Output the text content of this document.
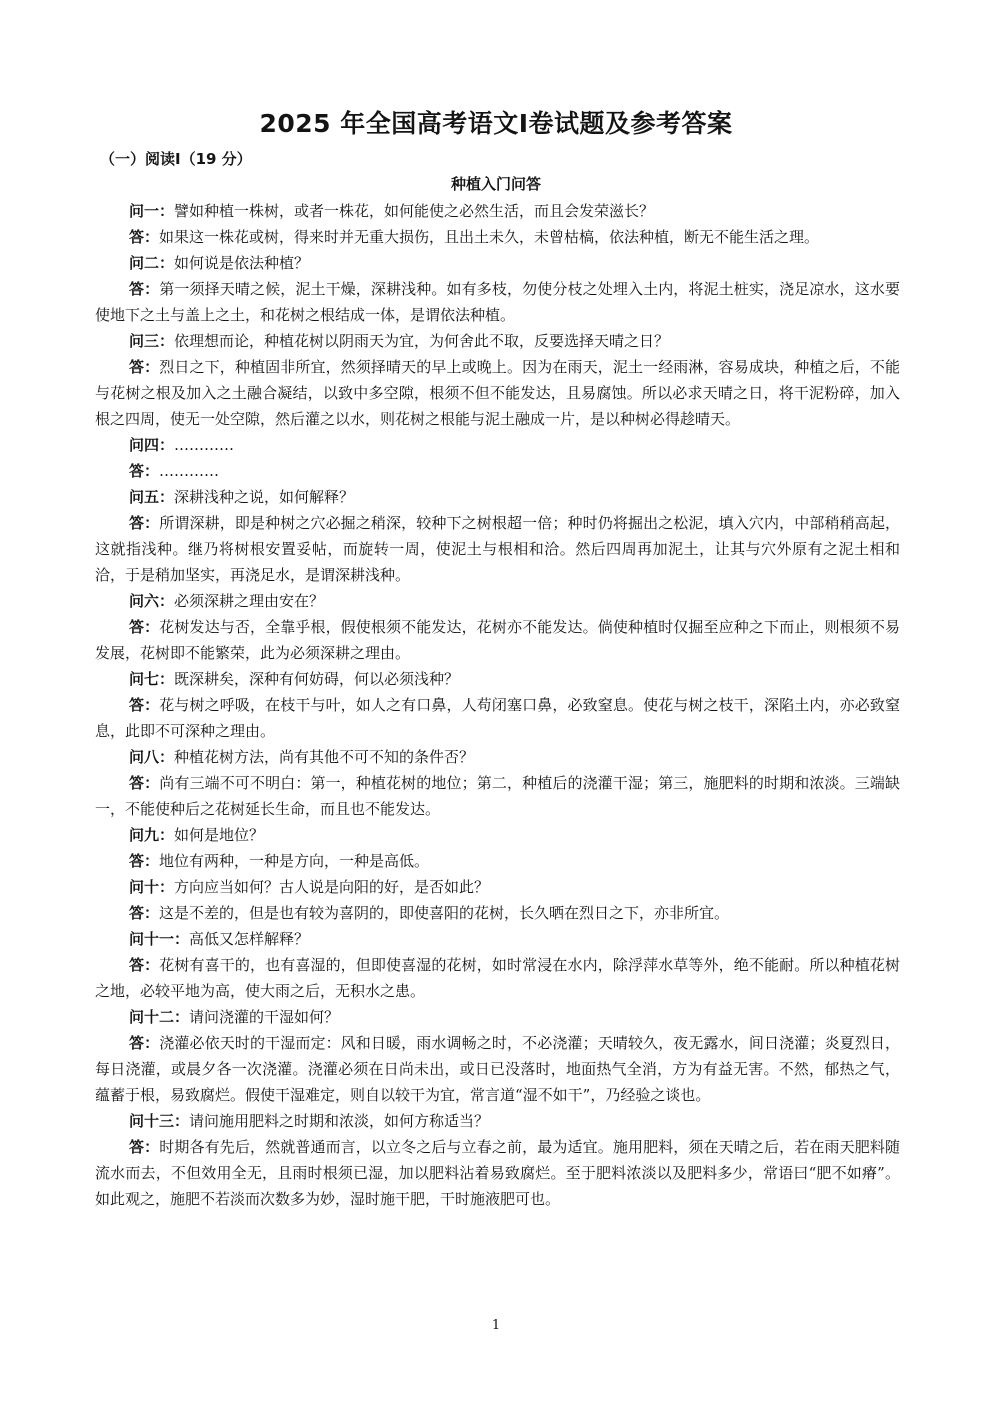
2025 年全国高考语文I卷试题及参考答案
（一）阅读I（19 分）
种植入门问答

问一：譬如种植一株树，或者一株花，如何能使之必然生活，而且会发荣滋长？

答：如果这一株花或树，得来时并无重大损伤，且出土未久，未曾枯槁，依法种植，断无不能生活之理。

问二：如何说是依法种植？

答：第一须择天晴之候，泥土干燥，深耕浅种。如有多枝，勿使分枝之处埋入土内，将泥土桩实，浇足凉水，这水要使地下之土与盖上之土，和花树之根结成一体，是谓依法种植。

问三：依理想而论，种植花树以阴雨天为宜，为何舍此不取，反要选择天晴之日？

答：烈日之下，种植固非所宜，然须择晴天的早上或晚上。因为在雨天，泥土一经雨淋，容易成块，种植之后，不能与花树之根及加入之土融合凝结，以致中多空隙，根须不但不能发达，且易腐蚀。所以必求天晴之日，将干泥粉碎，加入根之四周，使无一处空隙，然后灌之以水，则花树之根能与泥土融成一片，是以种树必得趁晴天。

问四：…………

答：…………

问五：深耕浅种之说，如何解释？

答：所谓深耕，即是种树之穴必掘之稍深，较种下之树根超一倍；种时仍将掘出之松泥，填入穴内，中部稍稍高起，这就指浅种。继乃将树根安置妥帖，而旋转一周，使泥土与根相和洽。然后四周再加泥土，让其与穴外原有之泥土相和洽，于是稍加坚实，再浇足水，是谓深耕浅种。

问六：必须深耕之理由安在？

答：花树发达与否，全靠乎根，假使根须不能发达，花树亦不能发达。倘使种植时仅掘至应种之下而止，则根须不易发展，花树即不能繁荣，此为必须深耕之理由。

问七：既深耕矣，深种有何妨碍，何以必须浅种？

答：花与树之呼吸，在枝干与叶，如人之有口鼻，人苟闭塞口鼻，必致窒息。使花与树之枝干，深陷土内，亦必致窒息，此即不可深种之理由。

问八：种植花树方法，尚有其他不可不知的条件否？

答：尚有三端不可不明白：第一，种植花树的地位；第二，种植后的浇灌干湿；第三，施肥料的时期和浓淡。三端缺一，不能使种后之花树延长生命，而且也不能发达。

问九：如何是地位？

答：地位有两种，一种是方向，一种是高低。

问十：方向应当如何？古人说是向阳的好，是否如此？

答：这是不差的，但是也有较为喜阴的，即使喜阳的花树，长久晒在烈日之下，亦非所宜。

问十一：高低又怎样解释？

答：花树有喜干的，也有喜湿的，但即使喜湿的花树，如时常浸在水内，除浮萍水草等外，绝不能耐。所以种植花树之地，必较平地为高，使大雨之后，无积水之患。

问十二：请问浇灌的干湿如何？

答：浇灌必依天时的干湿而定：风和日暖，雨水调畅之时，不必浇灌；天晴较久，夜无露水，间日浇灌；炎夏烈日，每日浇灌，或晨夕各一次浇灌。浇灌必须在日尚未出，或日已没落时，地面热气全消，方为有益无害。不然，郁热之气，蕴蓄于根，易致腐烂。假使干湿难定，则自以较干为宜，常言道“湿不如干”，乃经验之谈也。

问十三：请问施用肥料之时期和浓淡，如何方称适当？

答：时期各有先后，然就普通而言，以立冬之后与立春之前，最为适宜。施用肥料，须在天晴之后，若在雨天肥料随流水而去，不但效用全无，且雨时根须已湿，加以肥料沾着易致腐烂。至于肥料浓淡以及肥料多少，常语曰“肥不如瘠”。如此观之，施肥不若淡而次数多为妙，湿时施干肥，干时施液肥可也。

1
